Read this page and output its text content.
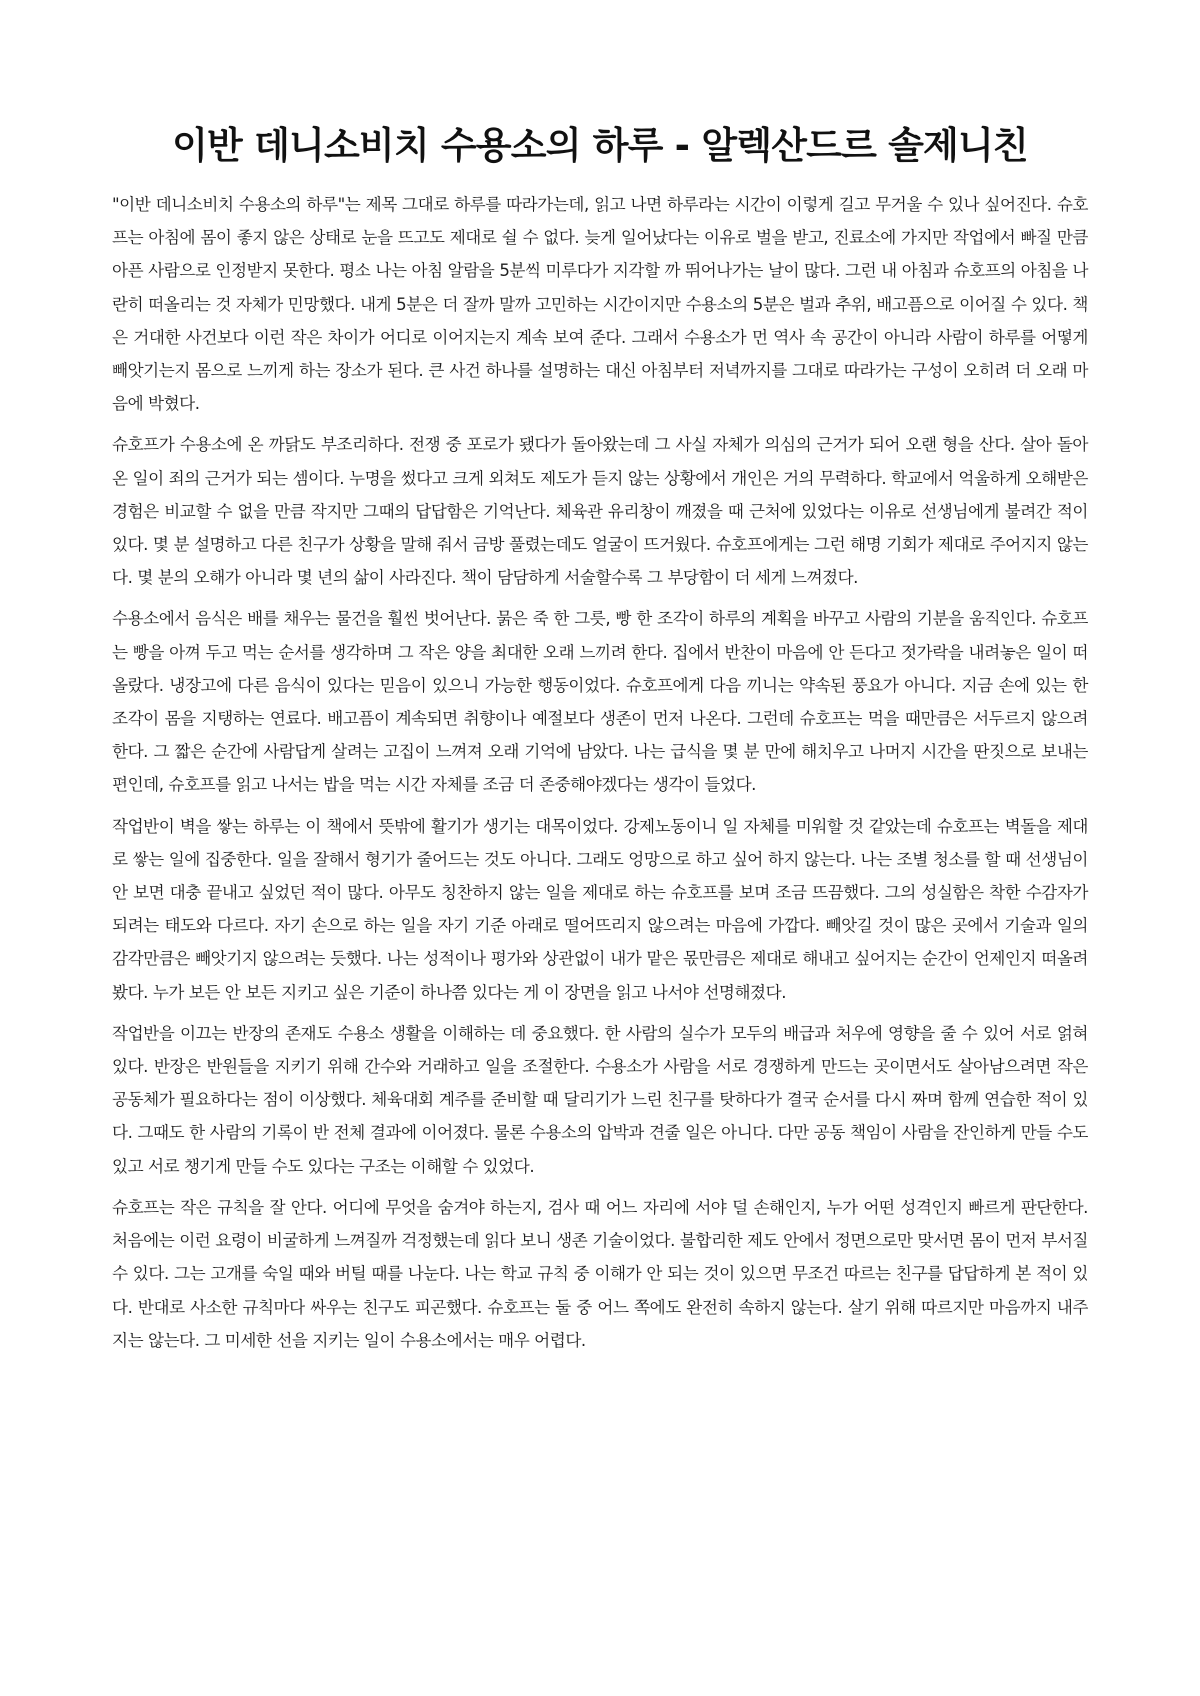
이반 데니소비치 수용소의 하루 - 알렉산드르 솔제니친

"이반 데니소비치 수용소의 하루"는 제목 그대로 하루를 따라가는데, 읽고 나면 하루라는 시간이 이렇게 길고 무거울 수 있나 싶어진다. 슈호프는 아침에 몸이 좋지 않은 상태로 눈을 뜨고도 제대로 쉴 수 없다. 늦게 일어났다는 이유로 벌을 받고, 진료소에 가지만 작업에서 빠질 만큼 아픈 사람으로 인정받지 못한다. 평소 나는 아침 알람을 5분씩 미루다가 지각할 까 뛰어나가는 날이 많다. 그런 내 아침과 슈호프의 아침을 나란히 떠올리는 것 자체가 민망했다. 내게 5분은 더 잘까 말까 고민하는 시간이지만 수용소의 5분은 벌과 추위, 배고픔으로 이어질 수 있다. 책은 거대한 사건보다 이런 작은 차이가 어디로 이어지는지 계속 보여 준다. 그래서 수용소가 먼 역사 속 공간이 아니라 사람이 하루를 어떻게 빼앗기는지 몸으로 느끼게 하는 장소가 된다. 큰 사건 하나를 설명하는 대신 아침부터 저녁까지를 그대로 따라가는 구성이 오히려 더 오래 마음에 박혔다.

슈호프가 수용소에 온 까닭도 부조리하다. 전쟁 중 포로가 됐다가 돌아왔는데 그 사실 자체가 의심의 근거가 되어 오랜 형을 산다. 살아 돌아온 일이 죄의 근거가 되는 셈이다. 누명을 썼다고 크게 외쳐도 제도가 듣지 않는 상황에서 개인은 거의 무력하다. 학교에서 억울하게 오해받은 경험은 비교할 수 없을 만큼 작지만 그때의 답답함은 기억난다. 체육관 유리창이 깨졌을 때 근처에 있었다는 이유로 선생님에게 불려간 적이 있다. 몇 분 설명하고 다른 친구가 상황을 말해 줘서 금방 풀렸는데도 얼굴이 뜨거웠다. 슈호프에게는 그런 해명 기회가 제대로 주어지지 않는다. 몇 분의 오해가 아니라 몇 년의 삶이 사라진다. 책이 담담하게 서술할수록 그 부당함이 더 세게 느껴졌다.

수용소에서 음식은 배를 채우는 물건을 훨씬 벗어난다. 묽은 죽 한 그릇, 빵 한 조각이 하루의 계획을 바꾸고 사람의 기분을 움직인다. 슈호프는 빵을 아껴 두고 먹는 순서를 생각하며 그 작은 양을 최대한 오래 느끼려 한다. 집에서 반찬이 마음에 안 든다고 젓가락을 내려놓은 일이 떠올랐다. 냉장고에 다른 음식이 있다는 믿음이 있으니 가능한 행동이었다. 슈호프에게 다음 끼니는 약속된 풍요가 아니다. 지금 손에 있는 한 조각이 몸을 지탱하는 연료다. 배고픔이 계속되면 취향이나 예절보다 생존이 먼저 나온다. 그런데 슈호프는 먹을 때만큼은 서두르지 않으려 한다. 그 짧은 순간에 사람답게 살려는 고집이 느껴져 오래 기억에 남았다. 나는 급식을 몇 분 만에 해치우고 나머지 시간을 딴짓으로 보내는 편인데, 슈호프를 읽고 나서는 밥을 먹는 시간 자체를 조금 더 존중해야겠다는 생각이 들었다.

작업반이 벽을 쌓는 하루는 이 책에서 뜻밖에 활기가 생기는 대목이었다. 강제노동이니 일 자체를 미워할 것 같았는데 슈호프는 벽돌을 제대로 쌓는 일에 집중한다. 일을 잘해서 형기가 줄어드는 것도 아니다. 그래도 엉망으로 하고 싶어 하지 않는다. 나는 조별 청소를 할 때 선생님이 안 보면 대충 끝내고 싶었던 적이 많다. 아무도 칭찬하지 않는 일을 제대로 하는 슈호프를 보며 조금 뜨끔했다. 그의 성실함은 착한 수감자가 되려는 태도와 다르다. 자기 손으로 하는 일을 자기 기준 아래로 떨어뜨리지 않으려는 마음에 가깝다. 빼앗길 것이 많은 곳에서 기술과 일의 감각만큼은 빼앗기지 않으려는 듯했다. 나는 성적이나 평가와 상관없이 내가 맡은 몫만큼은 제대로 해내고 싶어지는 순간이 언제인지 떠올려 봤다. 누가 보든 안 보든 지키고 싶은 기준이 하나쯤 있다는 게 이 장면을 읽고 나서야 선명해졌다.

작업반을 이끄는 반장의 존재도 수용소 생활을 이해하는 데 중요했다. 한 사람의 실수가 모두의 배급과 처우에 영향을 줄 수 있어 서로 얽혀 있다. 반장은 반원들을 지키기 위해 간수와 거래하고 일을 조절한다. 수용소가 사람을 서로 경쟁하게 만드는 곳이면서도 살아남으려면 작은 공동체가 필요하다는 점이 이상했다. 체육대회 계주를 준비할 때 달리기가 느린 친구를 탓하다가 결국 순서를 다시 짜며 함께 연습한 적이 있다. 그때도 한 사람의 기록이 반 전체 결과에 이어졌다. 물론 수용소의 압박과 견줄 일은 아니다. 다만 공동 책임이 사람을 잔인하게 만들 수도 있고 서로 챙기게 만들 수도 있다는 구조는 이해할 수 있었다.

슈호프는 작은 규칙을 잘 안다. 어디에 무엇을 숨겨야 하는지, 검사 때 어느 자리에 서야 덜 손해인지, 누가 어떤 성격인지 빠르게 판단한다. 처음에는 이런 요령이 비굴하게 느껴질까 걱정했는데 읽다 보니 생존 기술이었다. 불합리한 제도 안에서 정면으로만 맞서면 몸이 먼저 부서질 수 있다. 그는 고개를 숙일 때와 버틸 때를 나눈다. 나는 학교 규칙 중 이해가 안 되는 것이 있으면 무조건 따르는 친구를 답답하게 본 적이 있다. 반대로 사소한 규칙마다 싸우는 친구도 피곤했다. 슈호프는 둘 중 어느 쪽에도 완전히 속하지 않는다. 살기 위해 따르지만 마음까지 내주지는 않는다. 그 미세한 선을 지키는 일이 수용소에서는 매우 어렵다.
